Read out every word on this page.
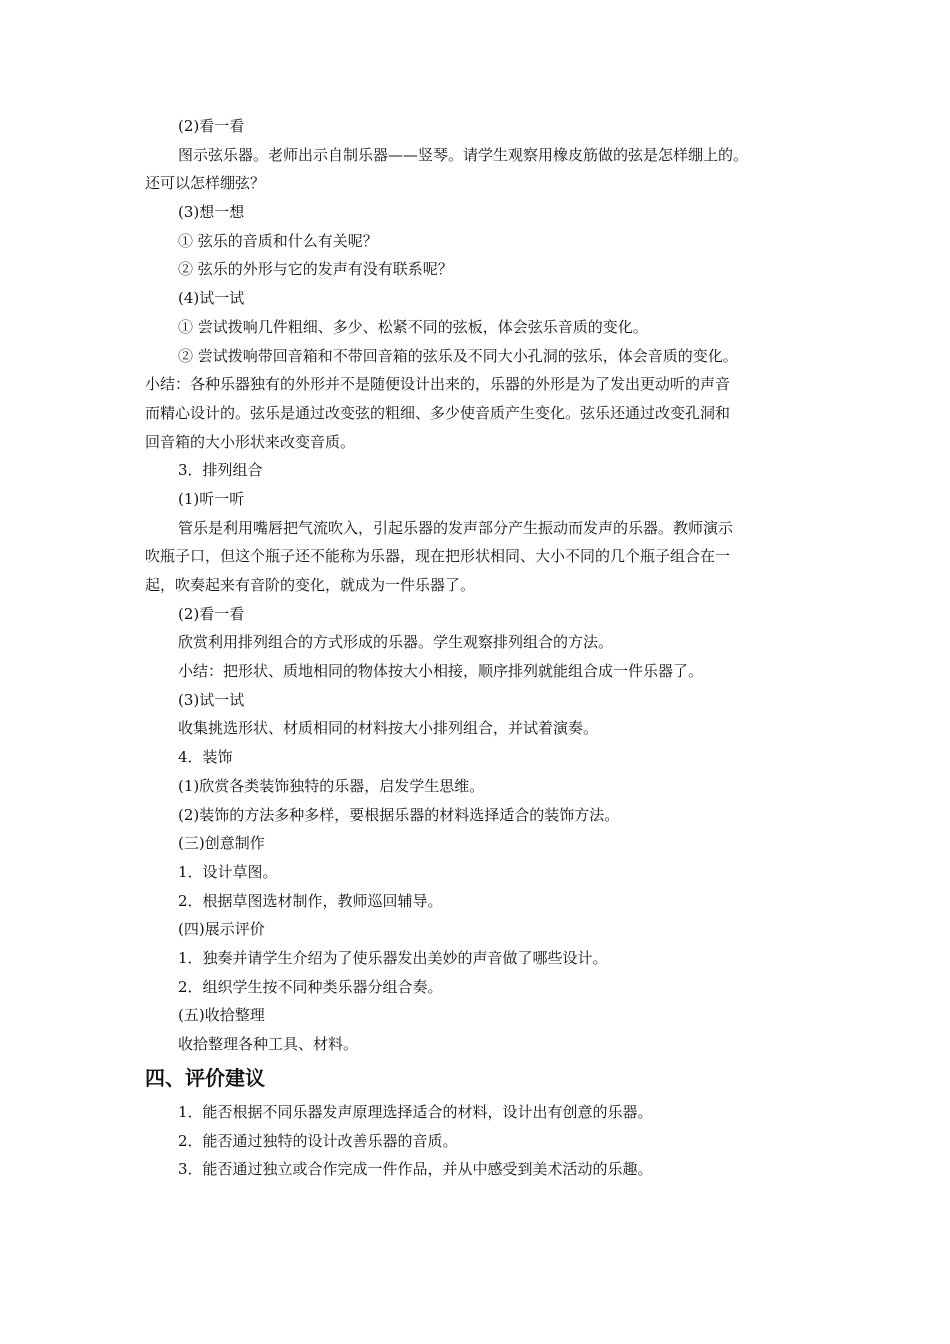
(2)看一看
图示弦乐器。老师出示自制乐器——竖琴。请学生观察用橡皮筋做的弦是怎样绷上的。
还可以怎样绷弦？
(3)想一想
① 弦乐的音质和什么有关呢？
② 弦乐的外形与它的发声有没有联系呢？
(4)试一试
① 尝试拨响几件粗细、多少、松紧不同的弦板，体会弦乐音质的变化。
② 尝试拨响带回音箱和不带回音箱的弦乐及不同大小孔洞的弦乐，体会音质的变化。
小结：各种乐器独有的外形并不是随便设计出来的，乐器的外形是为了发出更动听的声音
而精心设计的。弦乐是通过改变弦的粗细、多少使音质产生变化。弦乐还通过改变孔洞和
回音箱的大小形状来改变音质。
3．排列组合
(1)听一听
管乐是利用嘴唇把气流吹入，引起乐器的发声部分产生振动而发声的乐器。教师演示
吹瓶子口，但这个瓶子还不能称为乐器，现在把形状相同、大小不同的几个瓶子组合在一
起，吹奏起来有音阶的变化，就成为一件乐器了。
(2)看一看
欣赏利用排列组合的方式形成的乐器。学生观察排列组合的方法。
小结：把形状、质地相同的物体按大小相接，顺序排列就能组合成一件乐器了。
(3)试一试
收集挑选形状、材质相同的材料按大小排列组合，并试着演奏。
4．装饰
(1)欣赏各类装饰独特的乐器，启发学生思维。
(2)装饰的方法多种多样，要根据乐器的材料选择适合的装饰方法。
(三)创意制作
1．设计草图。
2．根据草图选材制作，教师巡回辅导。
(四)展示评价
1．独奏并请学生介绍为了使乐器发出美妙的声音做了哪些设计。
2．组织学生按不同种类乐器分组合奏。
(五)收拾整理
收拾整理各种工具、材料。
四、评价建议
1．能否根据不同乐器发声原理选择适合的材料，设计出有创意的乐器。
2．能否通过独特的设计改善乐器的音质。
3．能否通过独立或合作完成一件作品，并从中感受到美术活动的乐趣。
